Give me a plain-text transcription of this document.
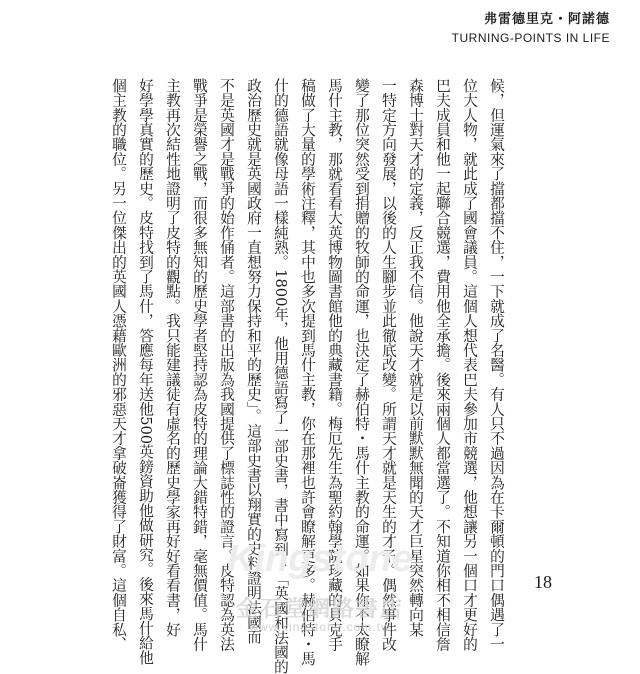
弗雷德里克・阿諾德
TURNING-POINTS IN LIFE
候，但運氣來了擋都擋不住，一下就成了名醫。有人只不過因為在卡爾頓的門口偶遇了一
位大人物，就此成了國會議員。這個人想代表巴夫參加市競選，他想讓另一個口才更好的
巴夫成員和他一起聯合競選，費用他全承擔。後來兩個人都當選了。不知道你相不相信詹
森博士對天才的定義，反正我不信。他說天才就是以前默默無聞的天才巨星突然轉向某
一特定方向發展，以後的人生腳步並此徹底改變。所謂天才就是天生的才子。偶然事件改
變了那位突然受到捐贈的牧師的命運，也決定了赫伯特・馬什主教的命運。如果你不太瞭解
馬什主教，那就看看大英博物圖書館他的典藏書籍。梅厄先生為聖約翰學院珍藏的貝克手
稿做了大量的學術注釋，其中也多次提到馬什主教，你在那裡也許會瞭解更多。赫伯特・馬
什的德語就像母語一樣純熟。1800年，他用德語寫了一部史書，書中寫到：「英國和法國的
政治歷史就是英國政府一直想努力保持和平的歷史」。這部史書以翔實的史料證明法國而
不是英國才是戰爭的始作俑者。這部書的出版為我國提供了標誌性的證言。皮特認為英法
戰爭是榮譽之戰，而很多無知的歷史學者堅持認為皮特的理論大錯特錯，毫無價值。馬什
主教再次結性地證明了皮特的觀點。我只能建議徒有虛名的歷史學家再好好看看書，好
好學學真實的歷史。皮特找到了馬什，答應每年送他500英鎊資助他做研究。後來馬什給他
個主教的職位。另一位傑出的英國人憑藉歐洲的邪惡天才拿破崙獲得了財富。這個自私、	18
Kingstone
金石堂網路書店
www.kingstone.com.tw
